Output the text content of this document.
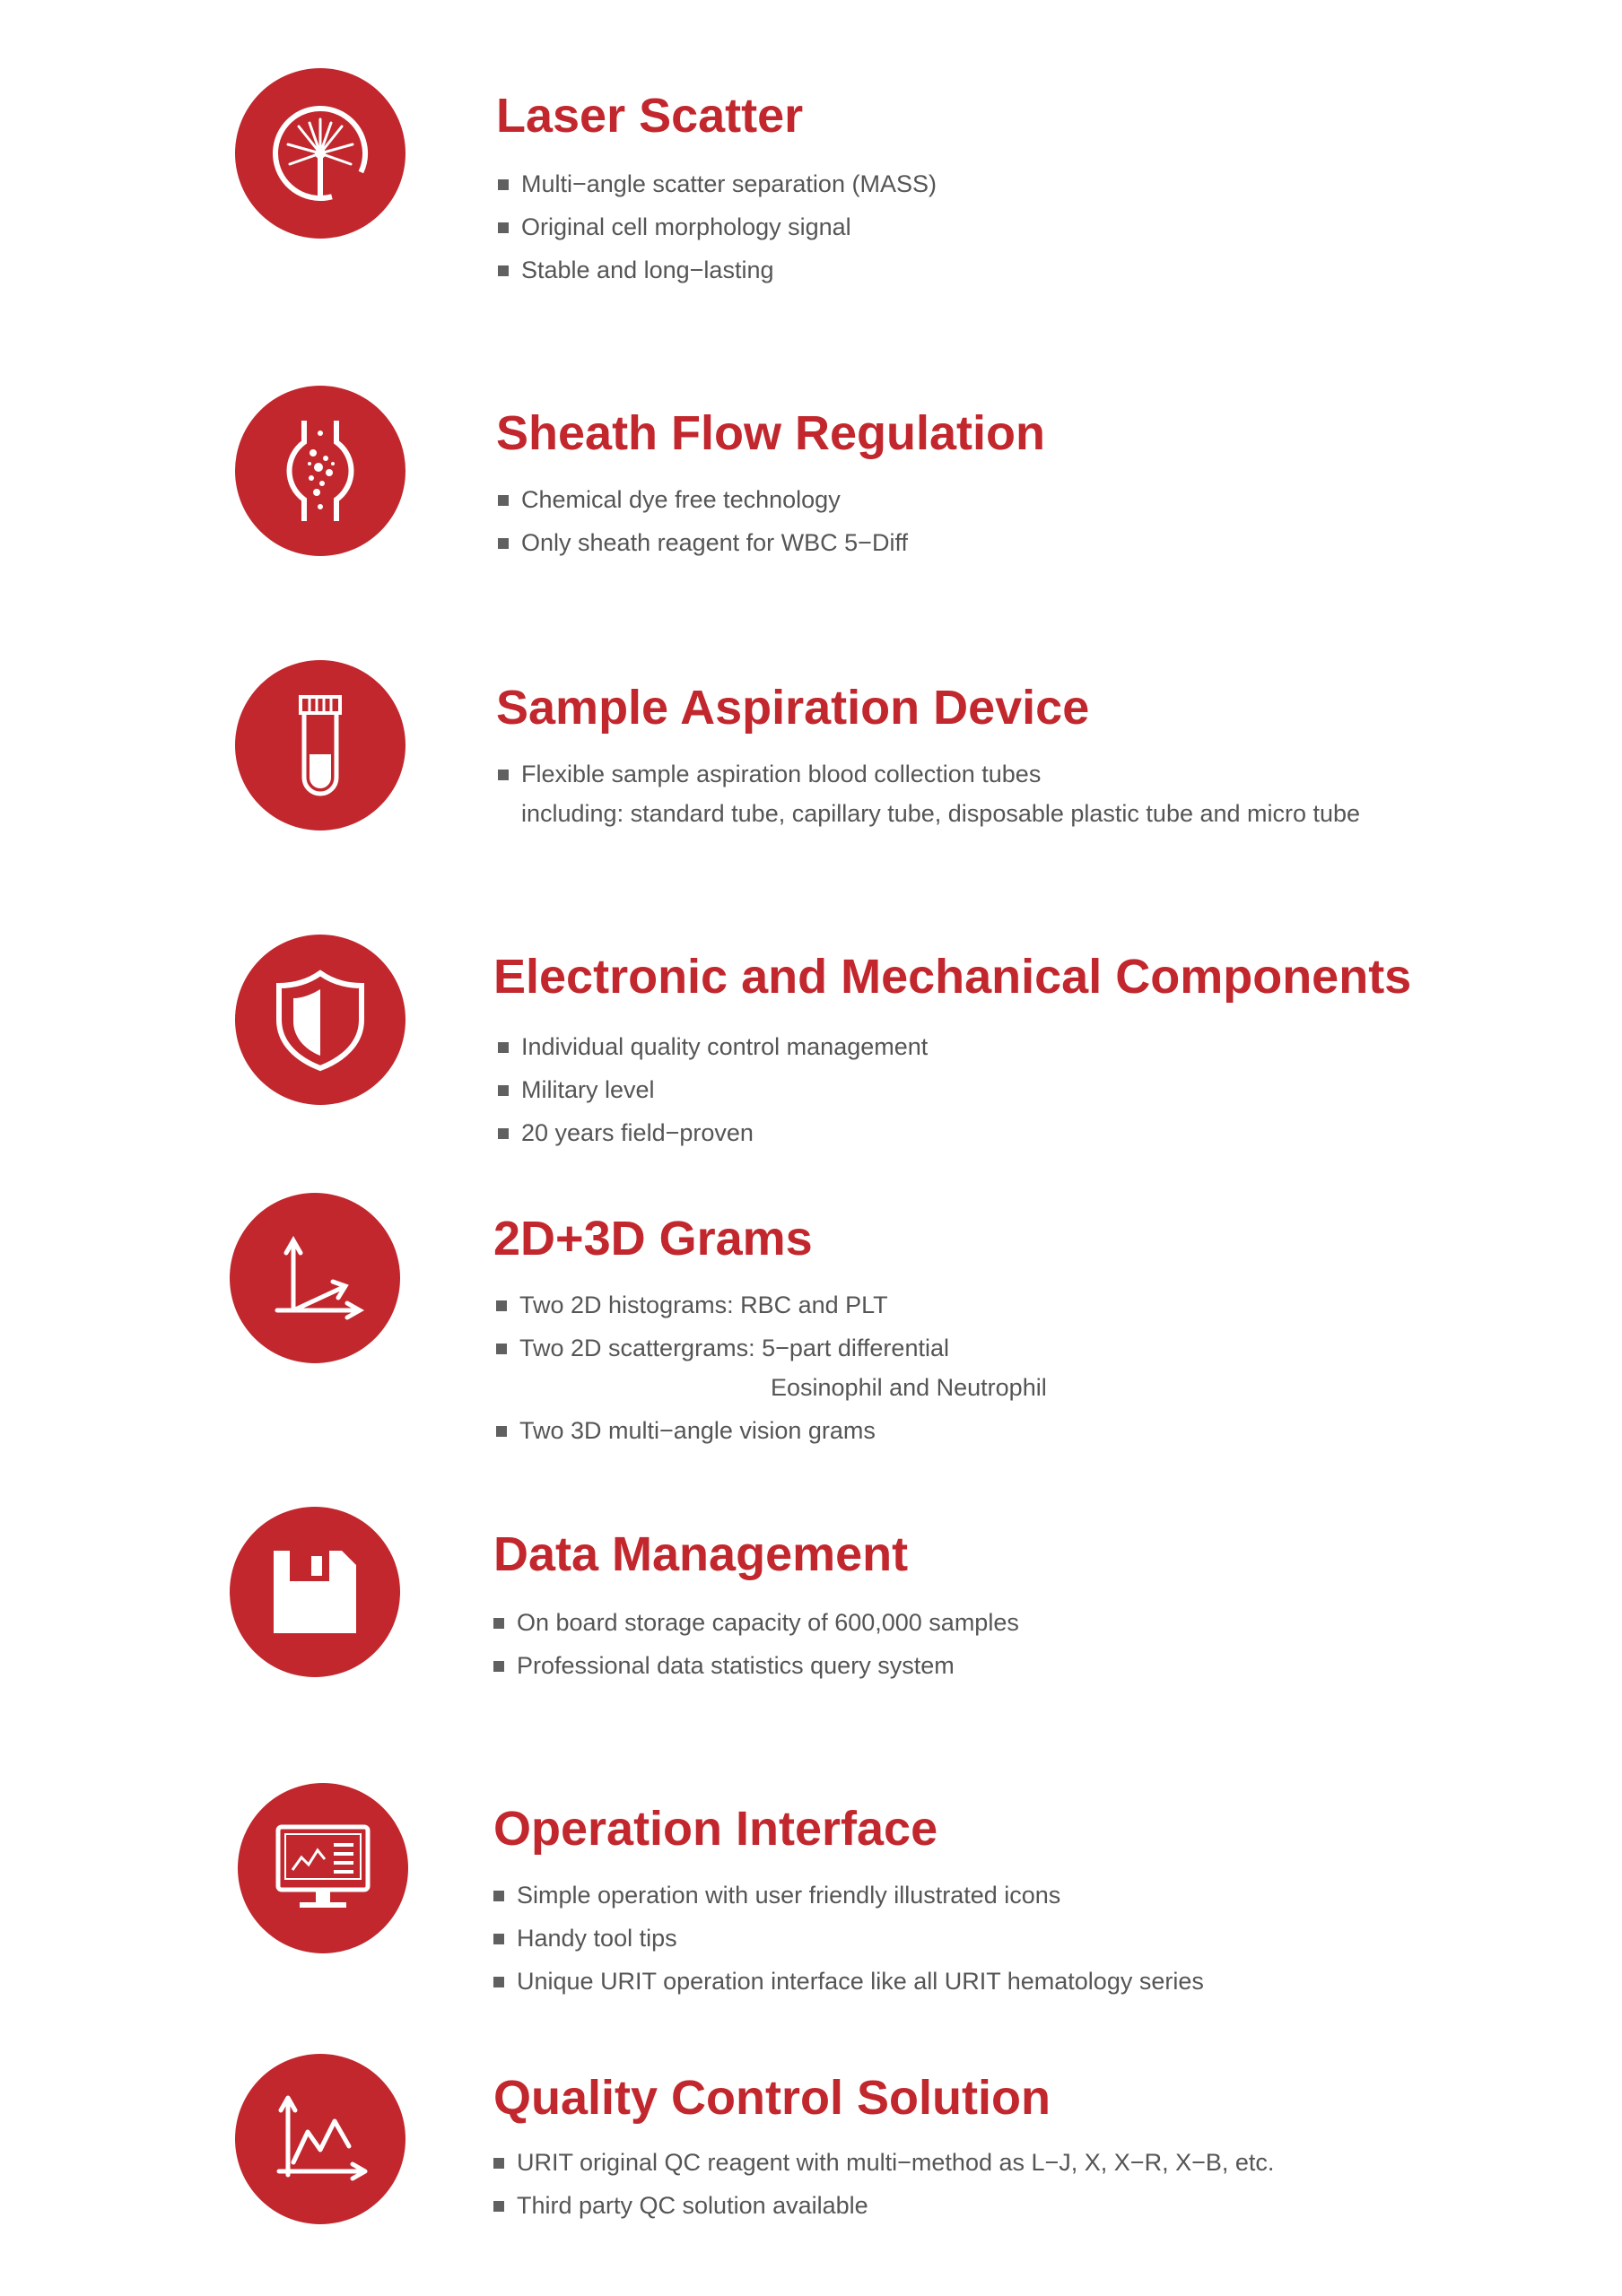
Laser Scatter
Multi−angle scatter separation (MASS)
Original cell morphology signal
Stable and long−lasting
Sheath Flow Regulation
Chemical dye free technology
Only sheath reagent for WBC 5−Diff
Sample Aspiration Device
Flexible sample aspiration blood collection tubes
including: standard tube, capillary tube, disposable plastic tube and micro tube
Electronic and Mechanical Components
Individual quality control management
Military level
20 years field−proven
2D+3D Grams
Two 2D histograms: RBC and PLT
Two 2D scattergrams: 5−part differential
Eosinophil and Neutrophil
Two 3D multi−angle vision grams
Data Management
On board storage capacity of 600,000 samples
Professional data statistics query system
Operation Interface
Simple operation with user friendly illustrated icons
Handy tool tips
Unique URIT operation interface like all URIT hematology series
Quality Control Solution
URIT original QC reagent with multi−method as L−J, X, X−R, X−B, etc.
Third party QC solution available
